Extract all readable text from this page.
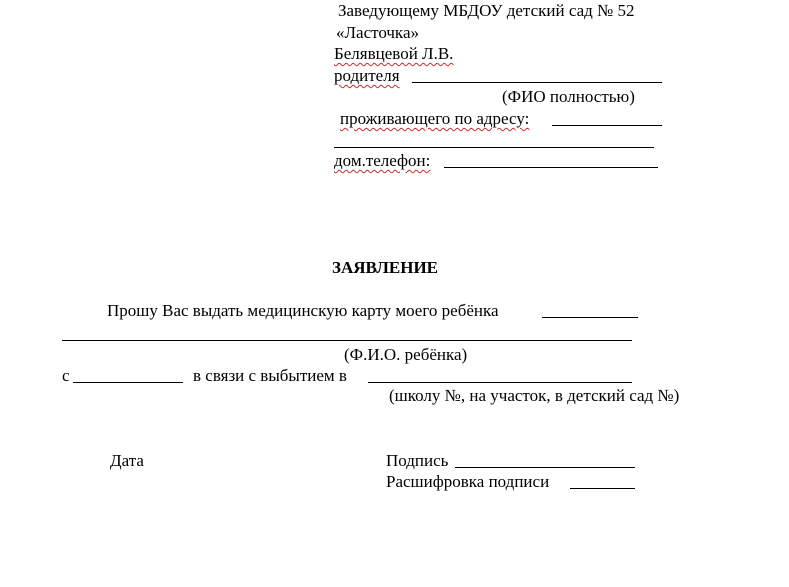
Заведующему МБДОУ детский сад № 52
«Ласточка»
Белявцевой Л.В.
родителя
(ФИО полностью)
проживающего по адресу:
дом.телефон:
ЗАЯВЛЕНИЕ
Прошу Вас выдать медицинскую карту моего ребёнка
(Ф.И.О. ребёнка)
с	в связи с выбытием в
(школу №, на участок, в детский сад №)
Дата	Подпись
Расшифровка подписи
